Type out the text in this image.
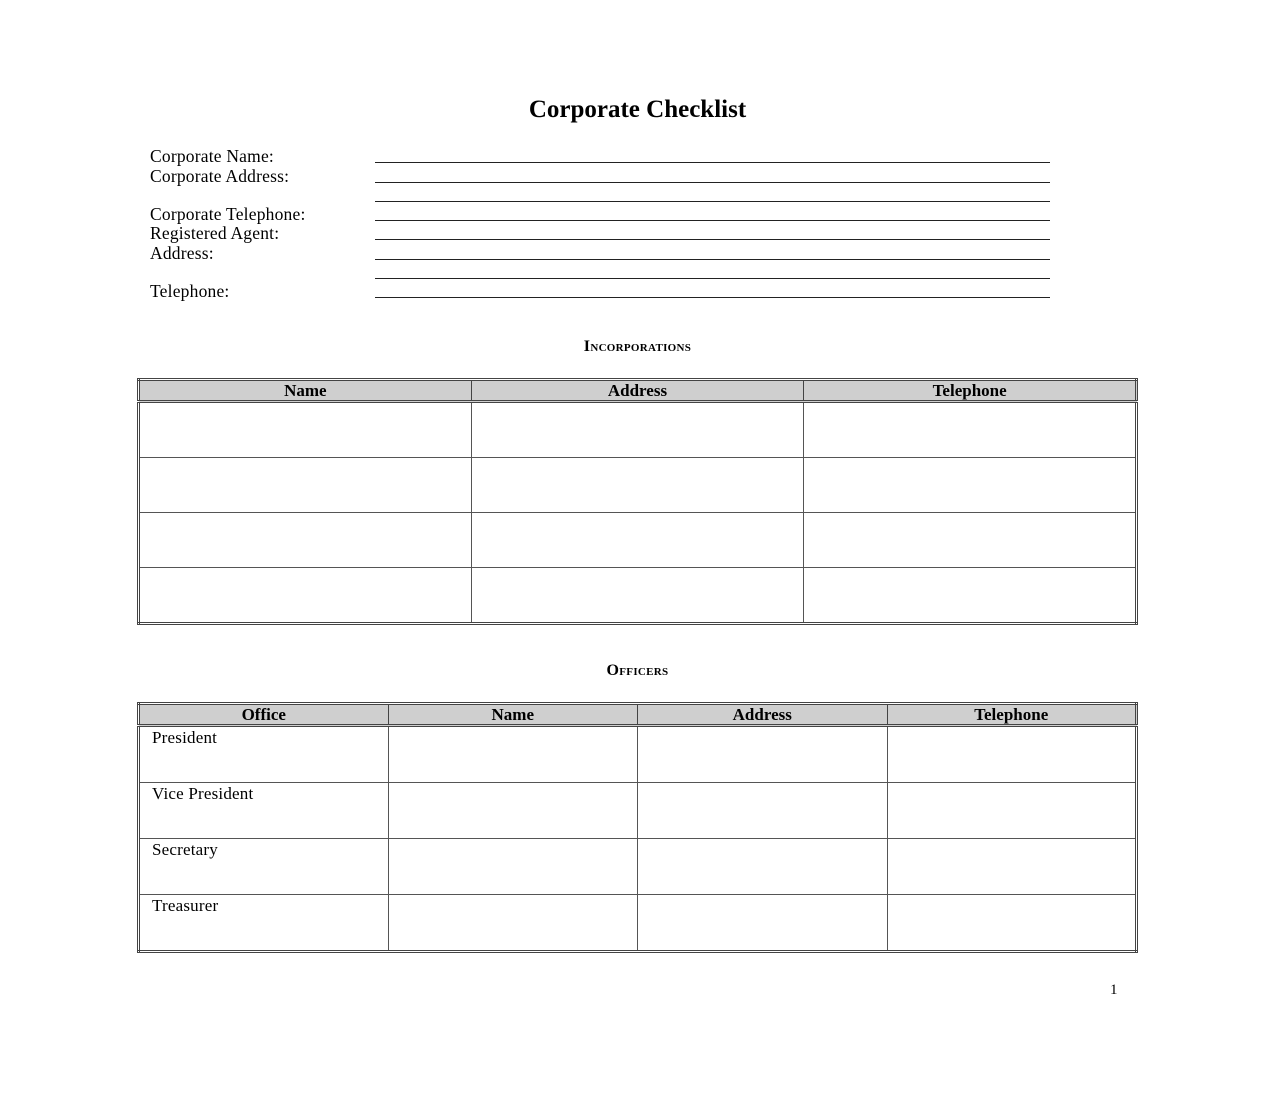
Corporate Checklist
Corporate Name:
Corporate Address:
Corporate Telephone:
Registered Agent:
Address:
Telephone:
Incorporations
Name	Address	Telephone

Officers
Office	Name	Address	Telephone
President			
Vice President			
Secretary			
Treasurer			
1
